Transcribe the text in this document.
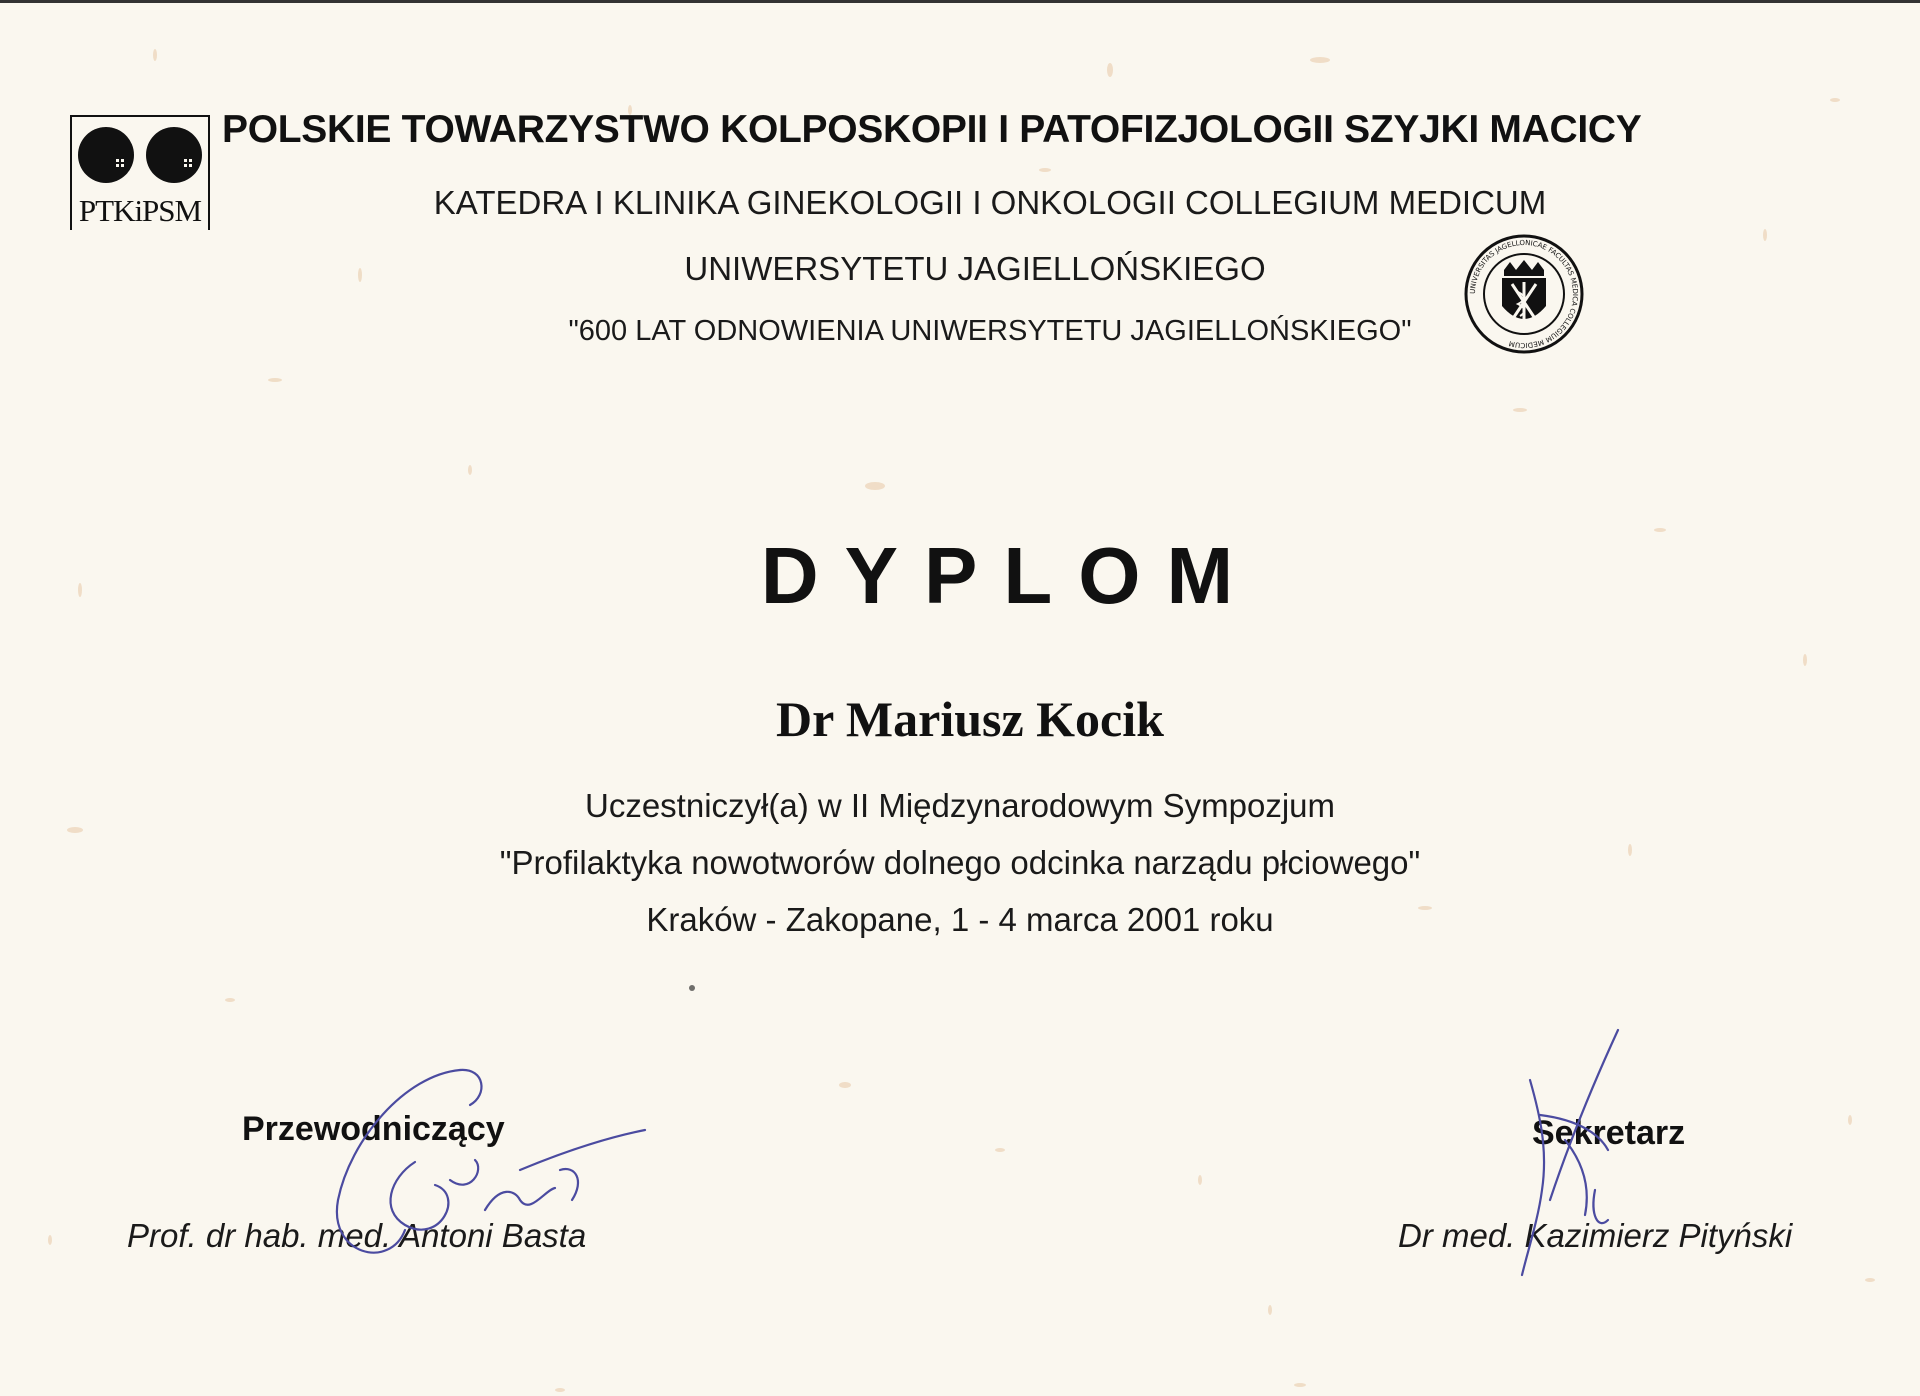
PTKiPSM
POLSKIE TOWARZYSTWO KOLPOSKOPII I PATOFIZJOLOGII SZYJKI MACICY
KATEDRA I KLINIKA GINEKOLOGII I ONKOLOGII COLLEGIUM MEDICUM
UNIWERSYTETU JAGIELLOŃSKIEGO
"600 LAT ODNOWIENIA UNIWERSYTETU JAGIELLOŃSKIEGO"
UNIVERSITAS JAGELLONICAE FACULTAS MEDICA COLLEGIUM MEDICUM
DYPLOM
Dr Mariusz Kocik
Uczestniczył(a) w II Międzynarodowym Sympozjum
"Profilaktyka nowotworów dolnego odcinka narządu płciowego"
Kraków - Zakopane, 1 - 4 marca 2001 roku
Przewodniczący
Prof. dr hab. med. Antoni Basta
Sekretarz
Dr med. Kazimierz Pityński
